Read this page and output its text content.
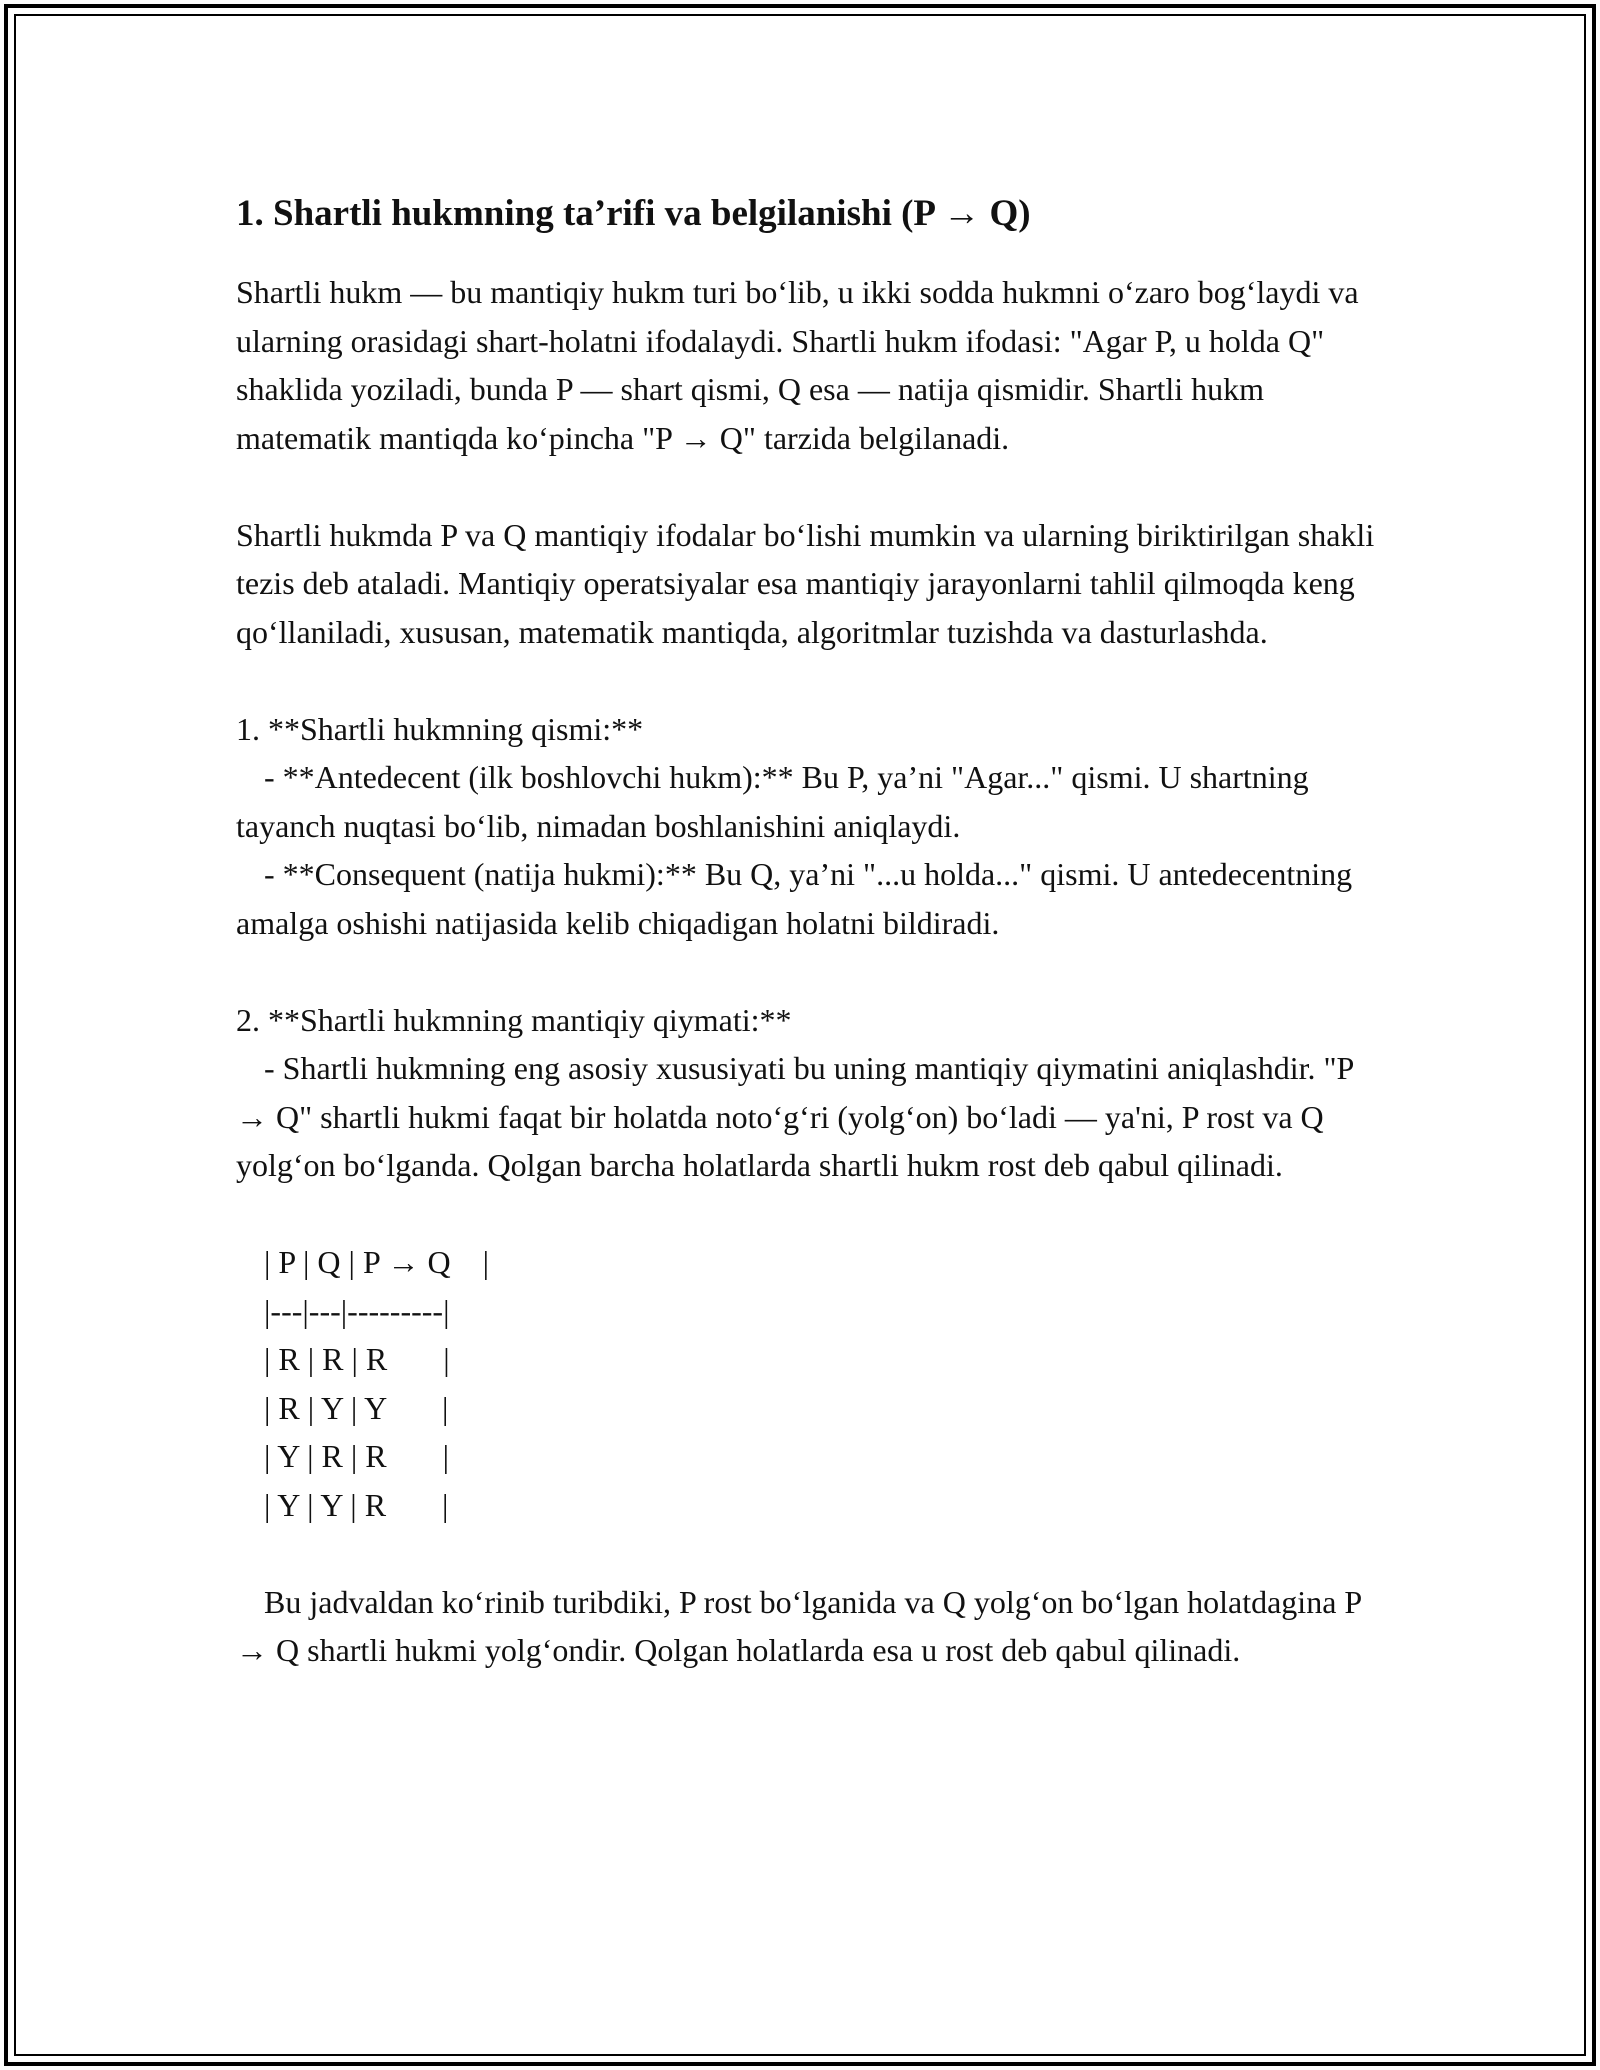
1. Shartli hukmning ta’rifi va belgilanishi (P → Q)

Shartli hukm — bu mantiqiy hukm turi bo‘lib, u ikki sodda hukmni o‘zaro bog‘laydi va ularning orasidagi shart-holatni ifodalaydi. Shartli hukm ifodasi: "Agar P, u holda Q" shaklida yoziladi, bunda P — shart qismi, Q esa — natija qismidir. Shartli hukm matematik mantiqda ko‘pincha "P → Q" tarzida belgilanadi.

Shartli hukmda P va Q mantiqiy ifodalar bo‘lishi mumkin va ularning biriktirilgan shakli tezis deb ataladi. Mantiqiy operatsiyalar esa mantiqiy jarayonlarni tahlil qilmoqda keng qo‘llaniladi, xususan, matematik mantiqda, algoritmlar tuzishda va dasturlashda.

1. **Shartli hukmning qismi:**
- **Antedecent (ilk boshlovchi hukm):** Bu P, ya’ni "Agar..." qismi. U shartning tayanch nuqtasi bo‘lib, nimadan boshlanishini aniqlaydi.
- **Consequent (natija hukmi):** Bu Q, ya’ni "...u holda..." qismi. U antedecentning amalga oshishi natijasida kelib chiqadigan holatni bildiradi.
2. **Shartli hukmning mantiqiy qiymati:**
- Shartli hukmning eng asosiy xususiyati bu uning mantiqiy qiymatini aniqlashdir. "P → Q" shartli hukmi faqat bir holatda noto‘g‘ri (yolg‘on) bo‘ladi — ya'ni, P rost va Q yolg‘on bo‘lganda. Qolgan barcha holatlarda shartli hukm rost deb qabul qilinadi.
| P | Q | P → Q    |
|---|---|---------|
| R | R | R       |
| R | Y | Y       |
| Y | R | R       |
| Y | Y | R       |

Bu jadvaldan ko‘rinib turibdiki, P rost bo‘lganida va Q yolg‘on bo‘lgan holatdagina P → Q shartli hukmi yolg‘ondir. Qolgan holatlarda esa u rost deb qabul qilinadi.
